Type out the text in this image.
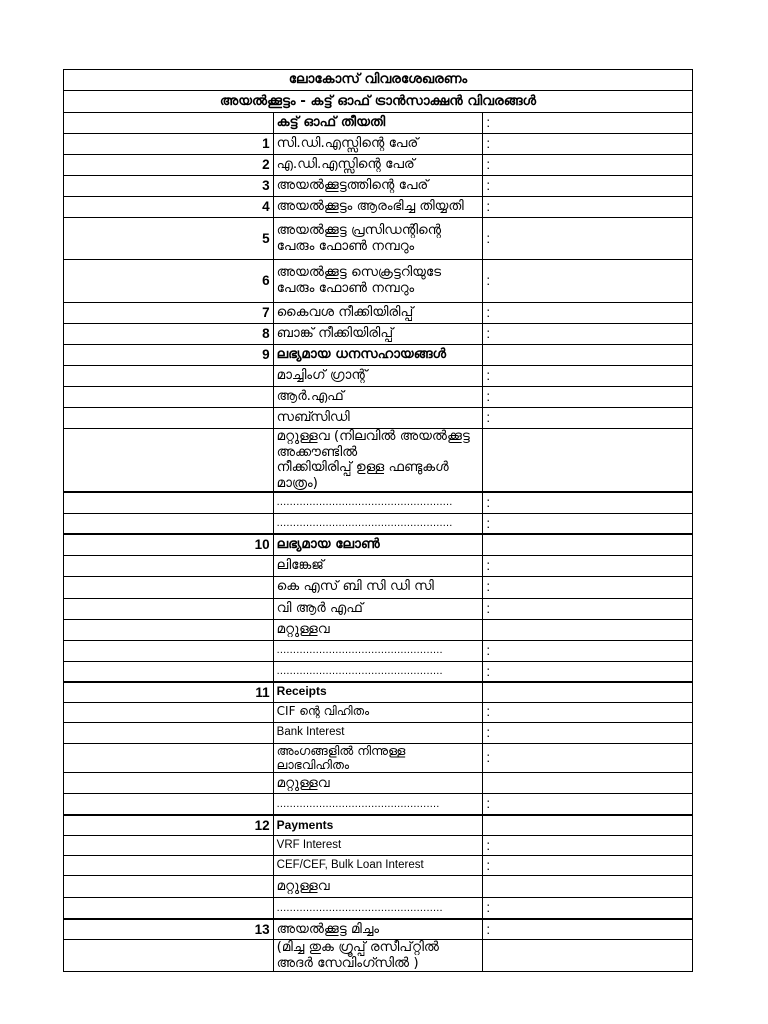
ലോകോസ് വിവരശേഖരണം		
അയൽക്കൂട്ടം - കട്ട് ഓഫ് ട്രാൻസാക്ഷൻ വിവരങ്ങൾ		
	കട്ട് ഓഫ് തീയതി	:
1	സി.ഡി.എസ്സിന്റെ പേര്	:
2	എ.ഡി.എസ്സിന്റെ പേര്	:
3	അയൽക്കൂട്ടത്തിന്റെ പേര്	:
4	അയൽക്കൂട്ടം ആരംഭിച്ച തിയ്യതി	:
5	അയൽക്കൂട്ട പ്രസിഡന്റിന്റെ പേരും ഫോൺ നമ്പറും	:
6	അയൽക്കൂട്ട സെക്രട്ടറിയുടേ പേരും ഫോൺ നമ്പറും	:
7	കൈവശ നീക്കിയിരിപ്പ്	:
8	ബാങ്ക് നീക്കിയിരിപ്പ്	:
9	ലഭ്യമായ ധനസഹായങ്ങൾ	
	മാച്ചിംഗ് ഗ്രാന്റ്	:
	ആർ.എഫ്	:
	സബ്സിഡി	:

	മറ്റുള്ളവ (നിലവിൽ അയൽക്കൂട്ട അക്കൗണ്ടിൽ
നീക്കിയിരിപ്പ് ഉള്ള ഫണ്ടുകൾ മാത്രം)	

	......................................................	:
	......................................................	:
10	ലഭ്യമായ ലോൺ	
	ലിങ്കേജ്	:
	കെ എസ് ബി സി ഡി സി	:
	വി ആർ എഫ്	:
	മറ്റുള്ളവ	
	...................................................	:
	...................................................	:
11	Receipts	
	CIF ന്റെ വിഹിതം	:
	Bank Interest	:
	അംഗങ്ങളിൽ നിന്നുള്ള ലാഭവിഹിതം	:
	മറ്റുള്ളവ	
	..................................................	:
12	Payments	
	VRF Interest	:
	CEF/CEF, Bulk Loan Interest	:
	മറ്റുള്ളവ	
	...................................................	:
13	അയൽക്കൂട്ട മിച്ചം	:
	(മിച്ച തുക ഗ്രൂപ്പ് രസീപ്റ്റിൽ അദർ സേവിംഗ്സിൽ )	
